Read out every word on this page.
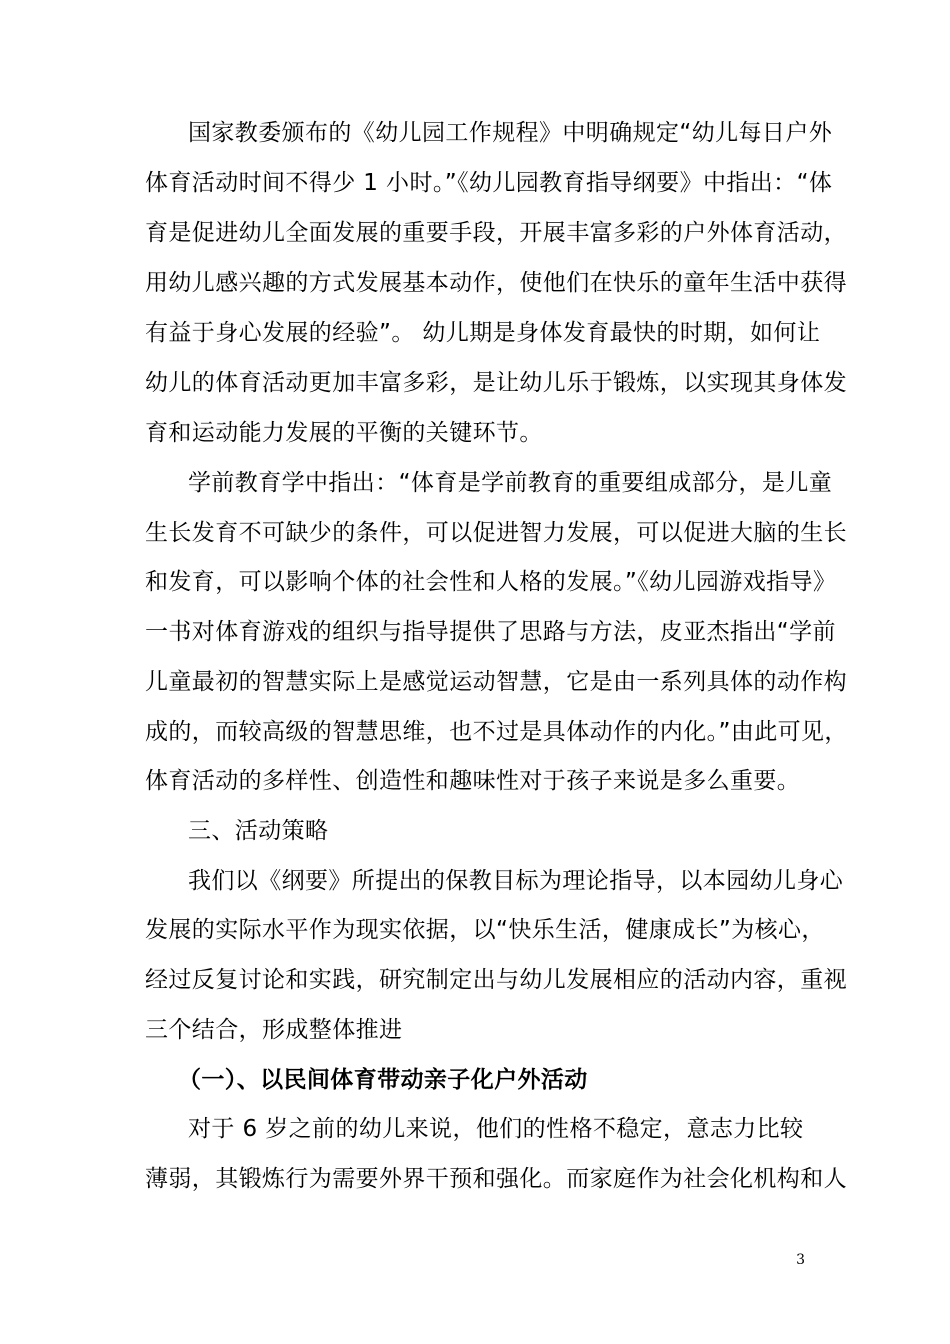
国家教委颁布的《幼儿园工作规程》中明确规定“幼儿每日户外
体育活动时间不得少 1 小时。”《幼儿园教育指导纲要》中指出：“体
育是促进幼儿全面发展的重要手段，开展丰富多彩的户外体育活动，
用幼儿感兴趣的方式发展基本动作，使他们在快乐的童年生活中获得
有益于身心发展的经验”。 幼儿期是身体发育最快的时期，如何让
幼儿的体育活动更加丰富多彩，是让幼儿乐于锻炼，以实现其身体发
育和运动能力发展的平衡的关键环节。
学前教育学中指出：“体育是学前教育的重要组成部分，是儿童
生长发育不可缺少的条件，可以促进智力发展，可以促进大脑的生长
和发育，可以影响个体的社会性和人格的发展。”《幼儿园游戏指导》
一书对体育游戏的组织与指导提供了思路与方法，皮亚杰指出“学前
儿童最初的智慧实际上是感觉运动智慧，它是由一系列具体的动作构
成的，而较高级的智慧思维，也不过是具体动作的内化。”由此可见，
体育活动的多样性、创造性和趣味性对于孩子来说是多么重要。
三、活动策略
我们以《纲要》所提出的保教目标为理论指导，以本园幼儿身心
发展的实际水平作为现实依据，以“快乐生活，健康成长”为核心，
经过反复讨论和实践，研究制定出与幼儿发展相应的活动内容，重视
三个结合，形成整体推进
（一）、以民间体育带动亲子化户外活动
对于 6 岁之前的幼儿来说，他们的性格不稳定，意志力比较
薄弱，其锻炼行为需要外界干预和强化。而家庭作为社会化机构和人
3
